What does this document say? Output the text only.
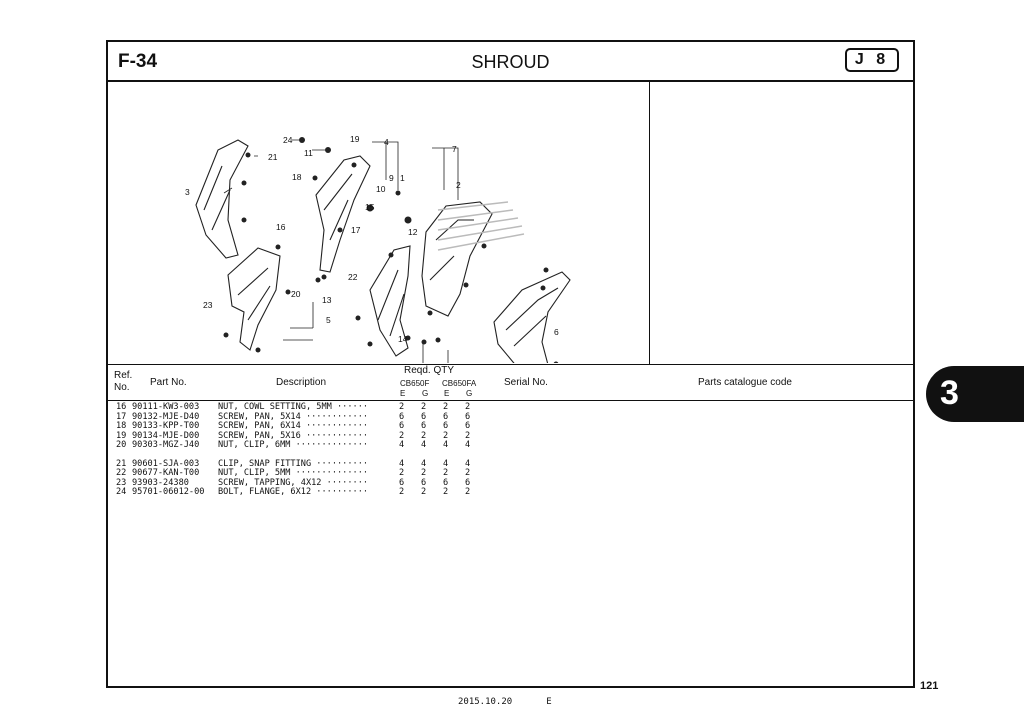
F-34	SHROUD	J 8
24
11
19	4
7
21
18	9 1
2
3	10
15
17
16	12
23
20
13
22
5
6
14
Ref.
No. Part No.	Description
Reqd. QTY
CB650F CB650FA
E G E G
Serial No.	Parts catalogue code
16 90111-KW3-003 NUT, COWL SETTING, 5MM ······	2 2 2 2
17 90132-MJE-D40 SCREW, PAN, 5X14 ············	6 6 6 6
18 90133-KPP-T00 SCREW, PAN, 6X14 ············	6 6 6 6
19 90134-MJE-D00 SCREW, PAN, 5X16 ············	2 2 2 2
20 90303-MGZ-J40 NUT, CLIP, 6MM ··············	4 4 4 4
21 90601-SJA-003 CLIP, SNAP FITTING ··········	4 4 4 4
22 90677-KAN-T00 NUT, CLIP, 5MM ··············	2 2 2 2
23 93903-24380	SCREW, TAPPING, 4X12 ········	6 6 6 6
24 95701-06012-00 BOLT, FLANGE, 6X12 ··········	2 2 2 2
3
121
2015.10.20	E
